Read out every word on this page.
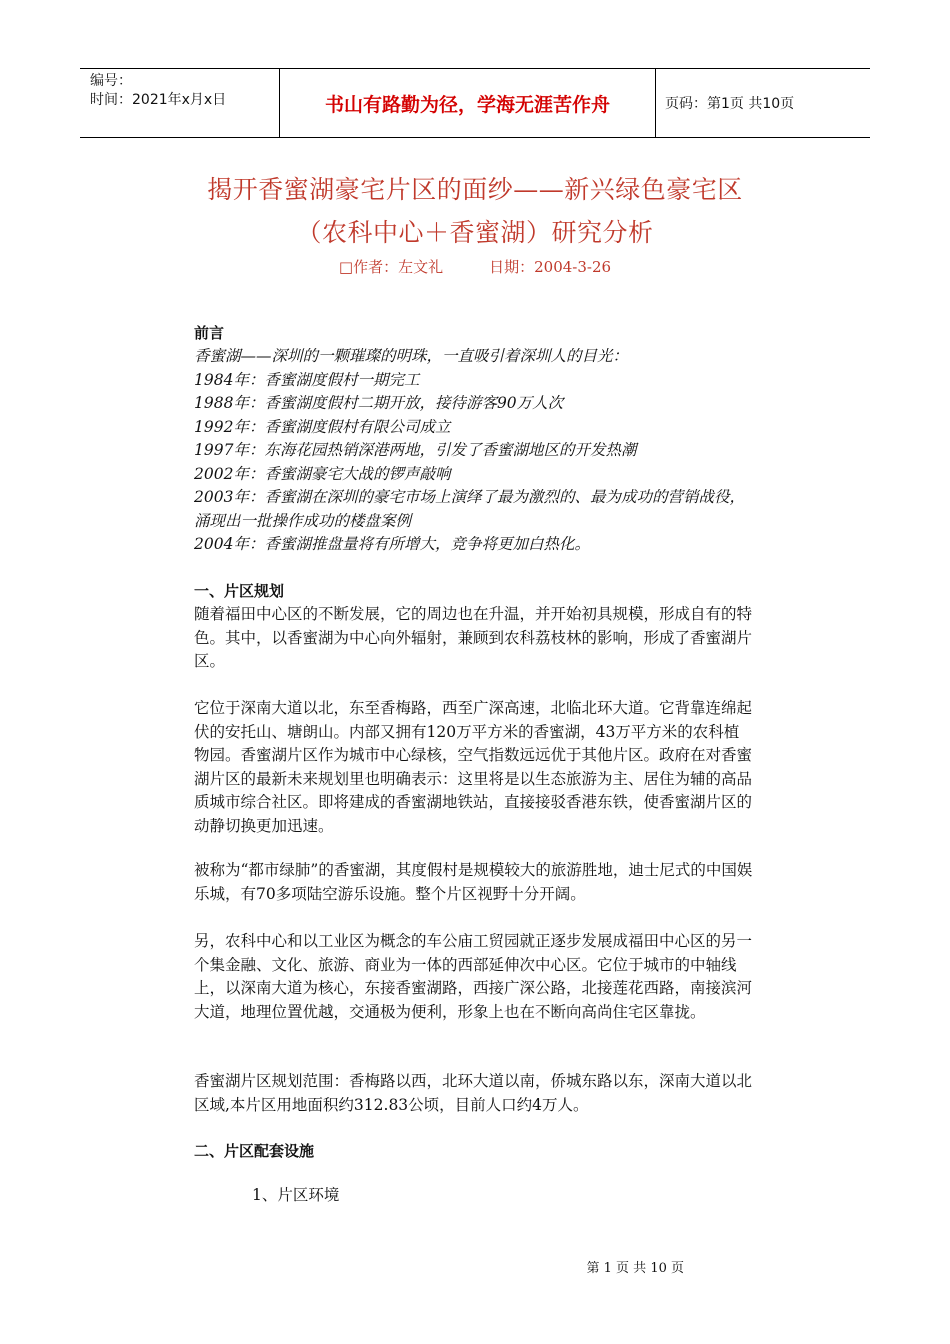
编号：
时间：2021年x月x日	书山有路勤为径，学海无涯苦作舟	页码：第1页 共10页
揭开香蜜湖豪宅片区的面纱——新兴绿色豪宅区
（农科中心＋香蜜湖）研究分析
□作者：左文礼	日期：2004-3-26
前言
香蜜湖——深圳的一颗璀璨的明珠，一直吸引着深圳人的目光：
1984年：香蜜湖度假村一期完工
1988年：香蜜湖度假村二期开放，接待游客90万人次
1992年：香蜜湖度假村有限公司成立
1997年：东海花园热销深港两地，引发了香蜜湖地区的开发热潮
2002年：香蜜湖豪宅大战的锣声敲响
2003年：香蜜湖在深圳的豪宅市场上演绎了最为激烈的、最为成功的营销战役，涌现出一批操作成功的楼盘案例
2004年：香蜜湖推盘量将有所增大，竞争将更加白热化。
一、片区规划

随着福田中心区的不断发展，它的周边也在升温，并开始初具规模，形成自有的特色。其中，以香蜜湖为中心向外辐射，兼顾到农科荔枝林的影响，形成了香蜜湖片区。

它位于深南大道以北，东至香梅路，西至广深高速，北临北环大道。它背靠连绵起伏的安托山、塘朗山。内部又拥有120万平方米的香蜜湖，43万平方米的农科植物园。香蜜湖片区作为城市中心绿核，空气指数远远优于其他片区。政府在对香蜜湖片区的最新未来规划里也明确表示：这里将是以生态旅游为主、居住为辅的高品质城市综合社区。即将建成的香蜜湖地铁站，直接接驳香港东铁，使香蜜湖片区的动静切换更加迅速。

被称为“都市绿肺”的香蜜湖，其度假村是规模较大的旅游胜地，迪士尼式的中国娱乐城，有70多项陆空游乐设施。整个片区视野十分开阔。

另，农科中心和以工业区为概念的车公庙工贸园就正逐步发展成福田中心区的另一个集金融、文化、旅游、商业为一体的西部延伸次中心区。它位于城市的中轴线上，以深南大道为核心，东接香蜜湖路，西接广深公路，北接莲花西路，南接滨河大道，地理位置优越，交通极为便利，形象上也在不断向高尚住宅区靠拢。

香蜜湖片区规划范围：香梅路以西，北环大道以南，侨城东路以东，深南大道以北区域,本片区用地面积约312.83公顷，目前人口约4万人。

二、片区配套设施
1、片区环境
第 1 页 共 10 页
